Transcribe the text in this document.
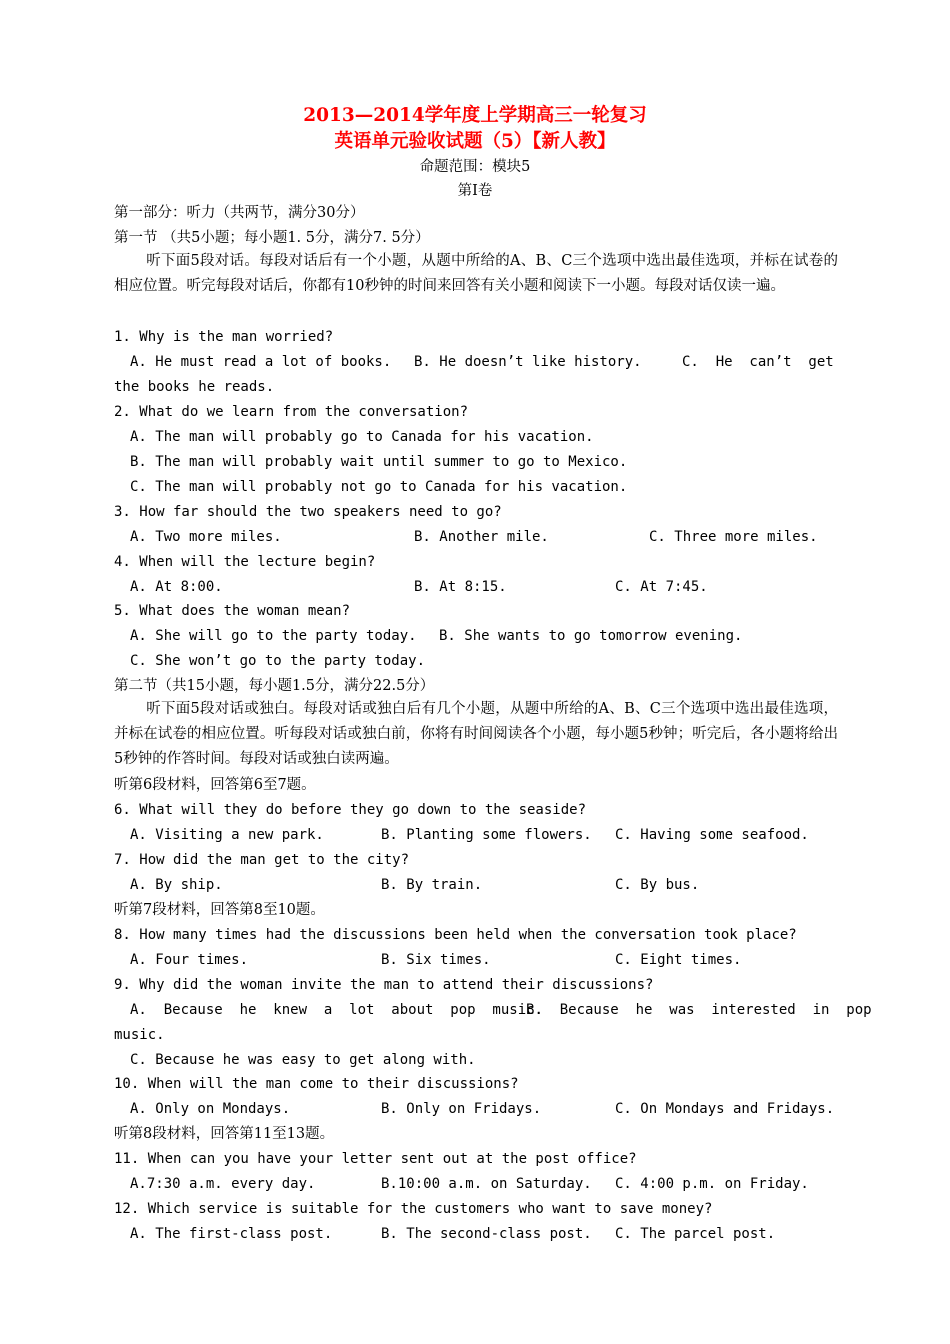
2013—2014学年度上学期高三一轮复习
英语单元验收试题（5）【新人教】
命题范围：模块5
第Ⅰ卷
第一部分：听力（共两节，满分30分）
第一节 （共5小题；每小题1. 5分，满分7. 5分）
听下面5段对话。每段对话后有一个小题，从题中所给的A、B、C三个选项中选出最佳选项，并标在试卷的相应位置。听完每段对话后，你都有10秒钟的时间来回答有关小题和阅读下一小题。每段对话仅读一遍。
1. Why is the man worried?
A. He must read a lot of books. B. He doesn’t like history.	C.  He  can’t  get
the books he reads.
2. What do we learn from the conversation?
A. The man will probably go to Canada for his vacation.
B. The man will probably wait until summer to go to Mexico.
C. The man will probably not go to Canada for his vacation.
3. How far should the two speakers need to go?
A. Two more miles.	B. Another mile.	C. Three more miles.
4. When will the lecture begin?
A. At 8:00.	B. At 8:15.	C. At 7:45.
5. What does the woman mean?
A. She will go to the party today. B. She wants to go tomorrow evening.
C. She won’t go to the party today.
第二节（共15小题，每小题1.5分，满分22.5分）
听下面5段对话或独白。每段对话或独白后有几个小题，从题中所给的A、B、C三个选项中选出最佳选项，并标在试卷的相应位置。听每段对话或独白前，你将有时间阅读各个小题，每小题5秒钟；听完后，各小题将给出5秒钟的作答时间。每段对话或独白读两遍。
听第6段材料，回答第6至7题。
6. What will they do before they go down to the seaside?
A. Visiting a new park.	B. Planting some flowers. C. Having some seafood.
7. How did the man get to the city?
A. By ship.	B. By train.	C. By bus.
听第7段材料，回答第8至10题。
8. How many times had the discussions been held when the conversation took place?
A. Four times.	B. Six times.	C. Eight times.
9. Why did the woman invite the man to attend their discussions?
A.  Because  he  knew  a  lot  about  pop  music.
B.  Because  he  was  interested  in  pop
music.
C. Because he was easy to get along with.
10. When will the man come to their discussions?
A. Only on Mondays.	B. Only on Fridays.	C. On Mondays and Fridays.
听第8段材料，回答第11至13题。
11. When can you have your letter sent out at the post office?
A.7:30 a.m. every day.	B.10:00 a.m. on Saturday. C. 4:00 p.m. on Friday.
12. Which service is suitable for the customers who want to save money?
A. The first-class post.	B. The second-class post. C. The parcel post.
